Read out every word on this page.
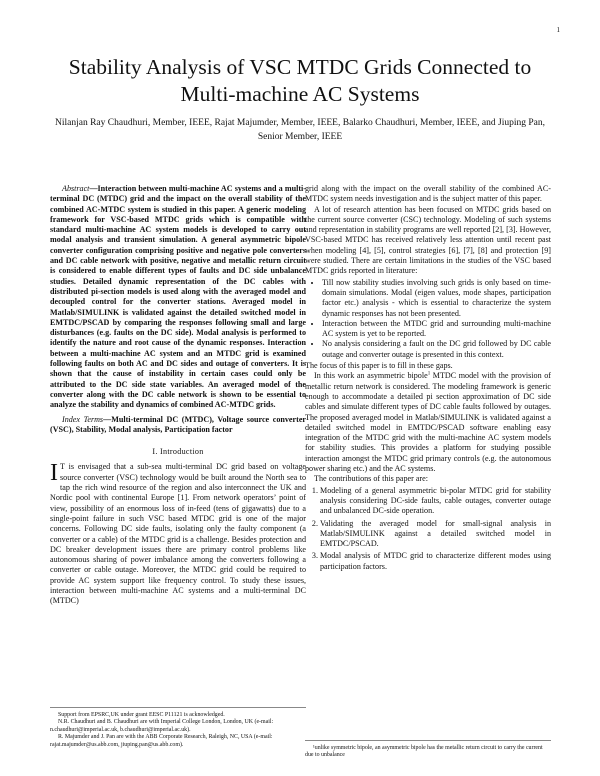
1
Stability Analysis of VSC MTDC Grids Connected to Multi-machine AC Systems
Nilanjan Ray Chaudhuri, Member, IEEE, Rajat Majumder, Member, IEEE, Balarko Chaudhuri, Member, IEEE, and Jiuping Pan, Senior Member, IEEE

Abstract—Interaction between multi-machine AC systems and a multi-terminal DC (MTDC) grid and the impact on the overall stability of the combined AC-MTDC system is studied in this paper. A generic modeling framework for VSC-based MTDC grids which is compatible with standard multi-machine AC system models is developed to carry out modal analysis and transient simulation. A general asymmetric bipole converter configuration comprising positive and negative pole converters and DC cable network with positive, negative and metallic return circuit is considered to enable different types of faults and DC side unbalance studies. Detailed dynamic representation of the DC cables with distributed pi-section models is used along with the averaged model and decoupled control for the converter stations. Averaged model in Matlab/SIMULINK is validated against the detailed switched model in EMTDC/PSCAD by comparing the responses following small and large disturbances (e.g. faults on the DC side). Modal analysis is performed to identify the nature and root cause of the dynamic responses. Interaction between a multi-machine AC system and an MTDC grid is examined following faults on both AC and DC sides and outage of converters. It is shown that the cause of instability in certain cases could only be attributed to the DC side state variables. An averaged model of the converter along with the DC cable network is shown to be essential to analyze the stability and dynamics of combined AC-MTDC grids.

Index Terms—Multi-terminal DC (MTDC), Voltage source converter (VSC), Stability, Modal analysis, Participation factor

I. Introduction

I T is envisaged that a sub-sea multi-terminal DC grid based on voltage source converter (VSC) technology would be built around the North sea to tap the rich wind resource of the region and also interconnect the UK and Nordic pool with continental Europe [1]. From network operators’ point of view, possibility of an enormous loss of in-feed (tens of gigawatts) due to a single-point failure in such VSC based MTDC grid is one of the major concerns. Following DC side faults, isolating only the faulty component (a converter or a cable) of the MTDC grid is a challenge. Besides protection and DC breaker development issues there are primary control problems like autonomous sharing of power imbalance among the converters following a converter or cable outage. Moreover, the MTDC grid could be required to provide AC system support like frequency control. To study these issues, interaction between multi-machine AC systems and a multi-terminal DC (MTDC)

Support from EPSRC,UK under grant EESC P11121 is acknowledged.

N.R. Chaudhuri and B. Chaudhuri are with Imperial College London, London, UK (e-mail: n.chaudhuri@imperial.ac.uk, b.chaudhuri@imperial.ac.uk).

R. Majumder and J. Pan are with the ABB Corporate Research, Raleigh, NC, USA (e-mail: rajat.majumder@us.abb.com, jiuping.pan@us.abb.com).

grid along with the impact on the overall stability of the combined AC-MTDC system needs investigation and is the subject matter of this paper.

A lot of research attention has been focused on MTDC grids based on the current source converter (CSC) technology. Modeling of such systems and representation in stability programs are well reported [2], [3]. However, VSC-based MTDC has received relatively less attention until recent past when modeling [4], [5], control strategies [6], [7], [8] and protection [9] were studied. There are certain limitations in the studies of the VSC based MTDC grids reported in literature:

• Till now stability studies involving such grids is only based on time-domain simulations. Modal (eigen values, mode shapes, participation factor etc.) analysis - which is essential to characterize the system dynamic responses has not been presented.
• Interaction between the MTDC grid and surrounding multi-machine AC system is yet to be reported.
• No analysis considering a fault on the DC grid followed by DC cable outage and converter outage is presented in this context.

The focus of this paper is to fill in these gaps.

In this work an asymmetric bipole$^1$ MTDC model with the provision of metallic return network is considered. The modeling framework is generic enough to accommodate a detailed pi section approximation of DC side cables and simulate different types of DC cable faults followed by outages. The proposed averaged model in Matlab/SIMULINK is validated against a detailed switched model in EMTDC/PSCAD software enabling easy integration of the MTDC grid with the multi-machine AC system models for stability studies. This provides a platform for studying possible interaction amongst the MTDC grid primary controls (e.g. the autonomous power sharing etc.) and the AC systems.

The contributions of this paper are:

1. Modeling of a general asymmetric bi-polar MTDC grid for stability analysis considering DC-side faults, cable outages, converter outage and unbalanced DC-side operation.
2. Validating the averaged model for small-signal analysis in Matlab/SIMULINK against a detailed switched model in EMTDC/PSCAD.
3. Modal analysis of MTDC grid to characterize different modes using participation factors.

¹unlike symmetric bipole, an asymmetric bipole has the metallic return circuit to carry the current due to unbalance
